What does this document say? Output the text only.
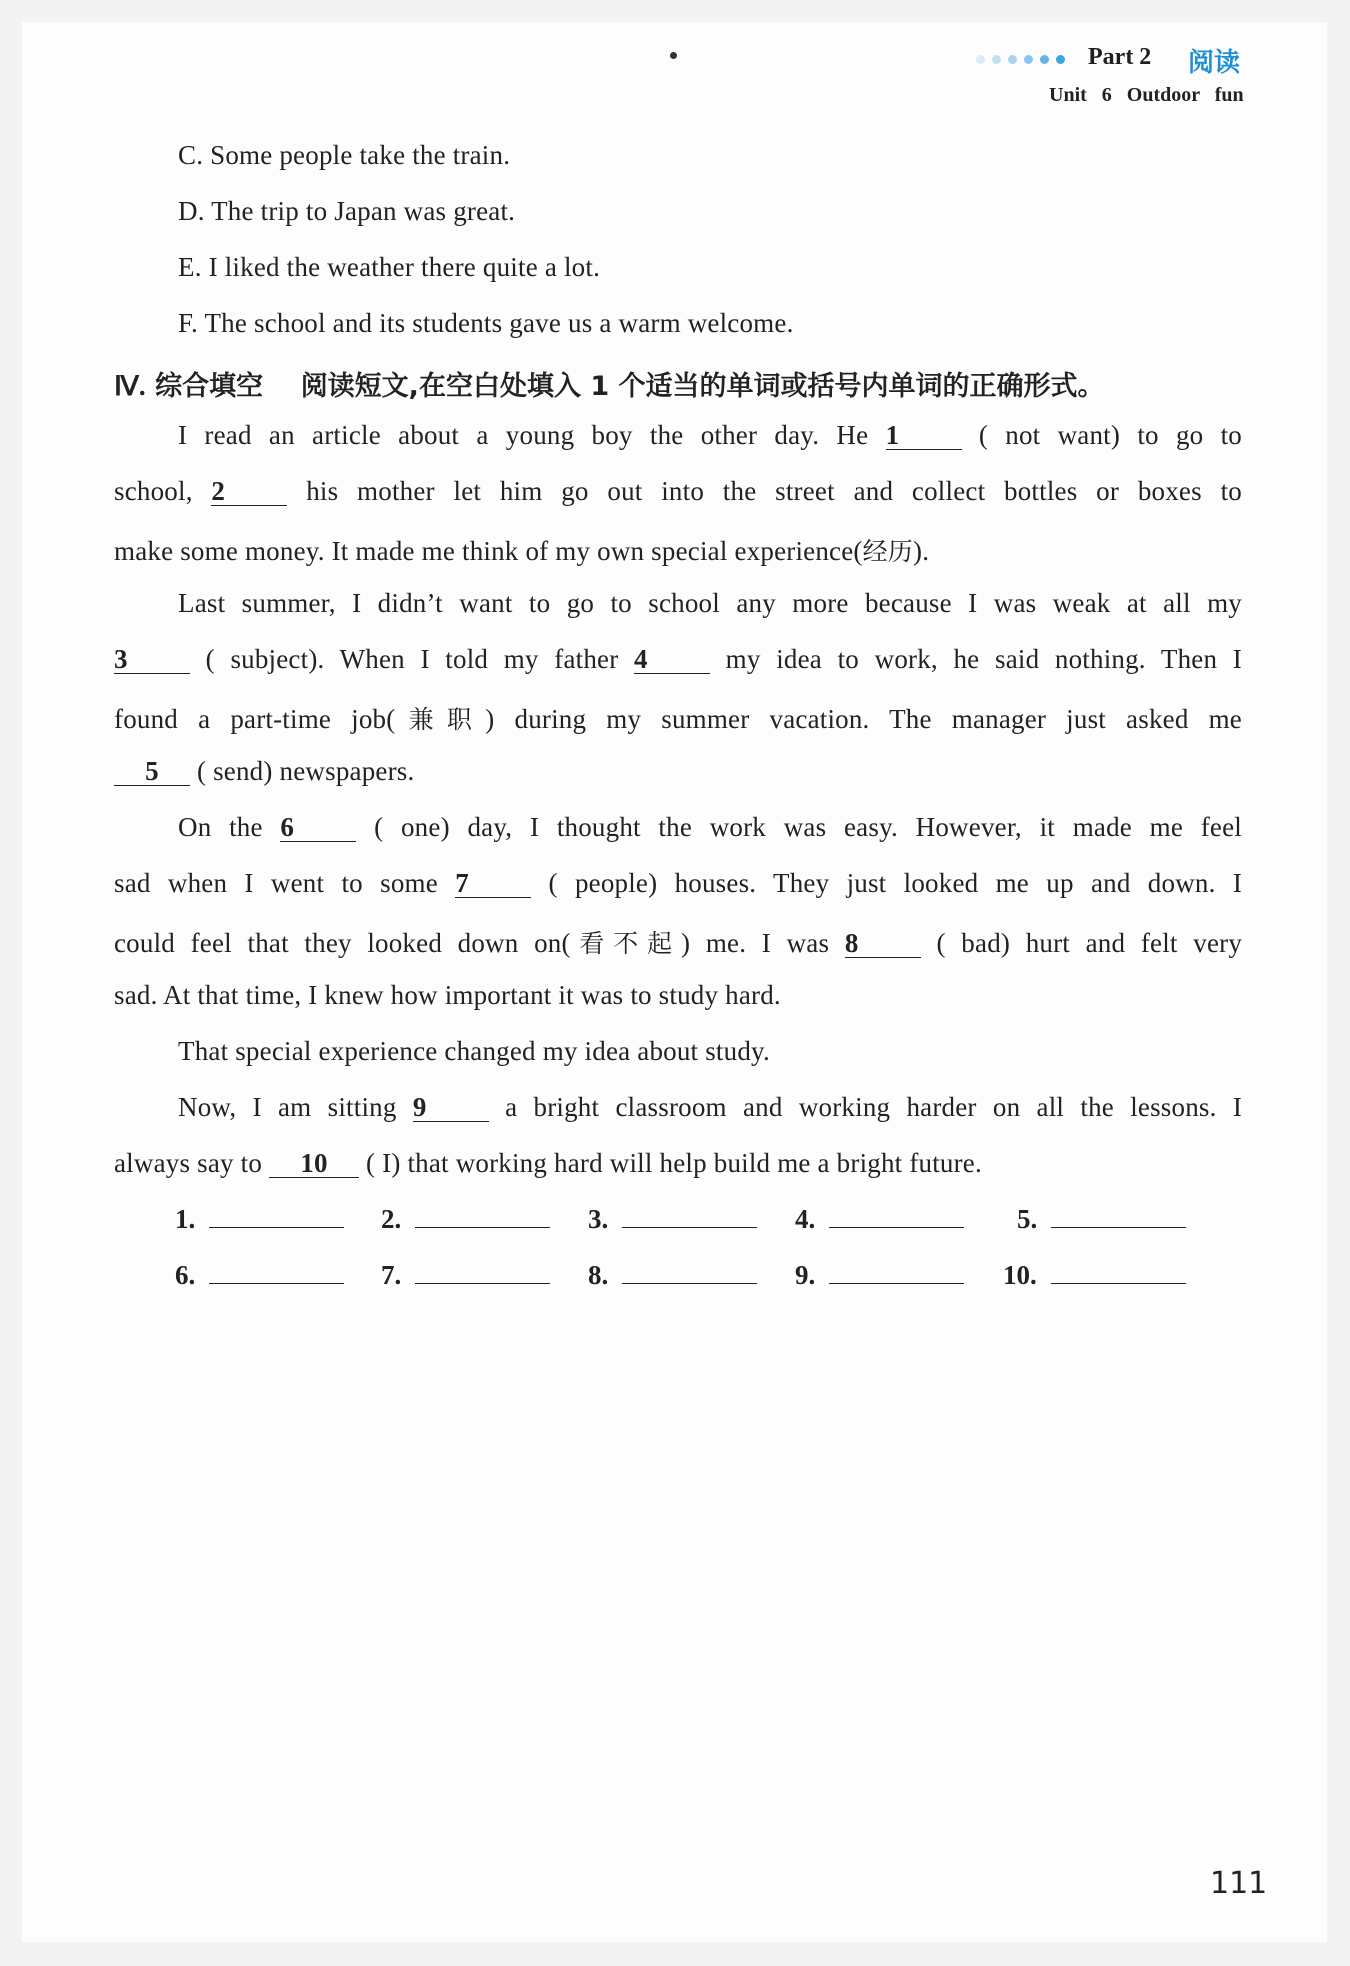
Part 2 阅读
Unit 6 Outdoor fun
C. Some people take the train.
D. The trip to Japan was great.
E. I liked the weather there quite a lot.
F. The school and its students gave us a warm welcome.
Ⅳ. 综合填空 阅读短文,在空白处填入 1 个适当的单词或括号内单词的正确形式。
I read an article about a young boy the other day. He 1	( not want) to go to
school, 2	his mother let him go out into the street and collect bottles or boxes to
make some money. It made me think of my own special experience(经历).
Last summer, I didn’t want to go to school any more because I was weak at all my
3	( subject). When I told my father 4	my idea to work, he said nothing. Then I
found a part-time job(兼职) during my summer vacation. The manager just asked me
5 ( send) newspapers.
On the 6	( one) day, I thought the work was easy. However, it made me feel
sad when I went to some 7	( people) houses. They just looked me up and down. I
could feel that they looked down on(看不起) me. I was 8	( bad) hurt and felt very
sad. At that time, I knew how important it was to study hard.
That special experience changed my idea about study.
Now, I am sitting 9	a bright classroom and working harder on all the lessons. I
always say to 10 ( I) that working hard will help build me a bright future.
1.	2.	3.	4.	5.
6.	7.	8.	9.	10.
111
